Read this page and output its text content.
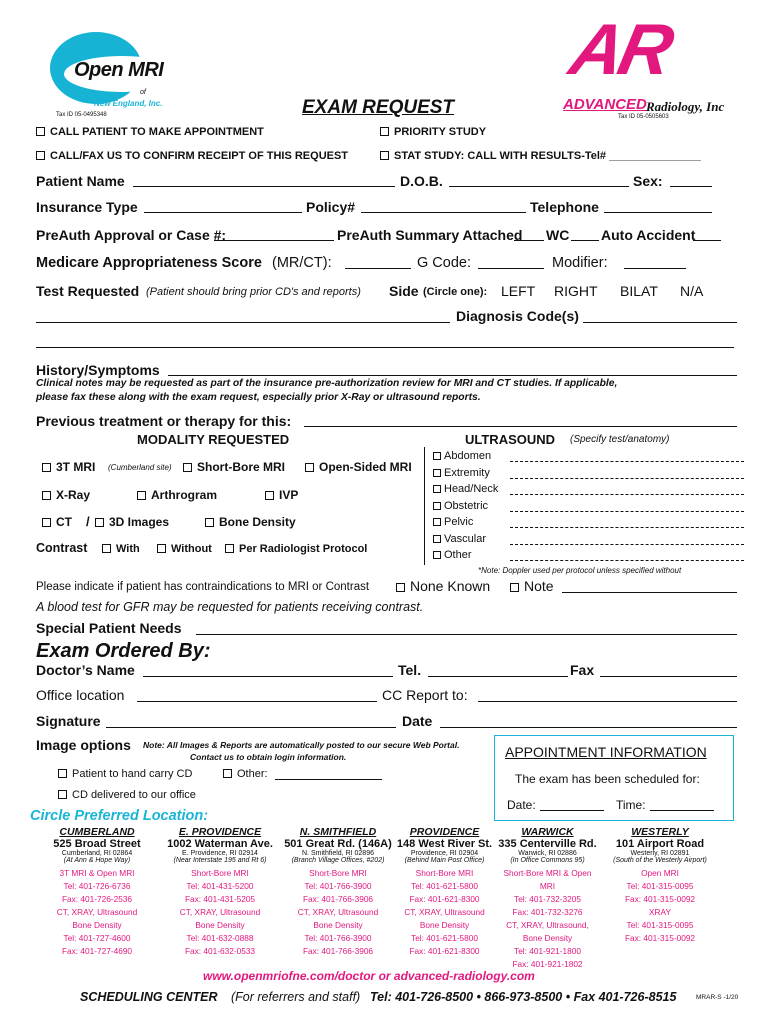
Open MRI
of
New England, Inc.
Tax ID 05-0495348
AR
ADVANCED Radiology, Inc
Tax ID 05-0505603
EXAM REQUEST
CALL PATIENT TO MAKE APPOINTMENT	PRIORITY STUDY
CALL/FAX US TO CONFIRM RECEIPT OF THIS REQUEST	STAT STUDY: CALL WITH RESULTS-Tel# _______________
Patient Name	D.O.B.	Sex:
Insurance Type	Policy#	Telephone
PreAuth Approval or Case #:	PreAuth Summary Attached WC Auto Accident
Medicare Appropriateness Score (MR/CT):	G Code:	Modifier:
Test Requested (Patient should bring prior CD's and reports) Side (Circle one): LEFT RIGHT BILAT N/A
Diagnosis Code(s)
History/Symptoms
Clinical notes may be requested as part of the insurance pre-authorization review for MRI and CT studies. If applicable,
please fax these along with the exam request, especially prior X-Ray or ultrasound reports.
Previous treatment or therapy for this:
MODALITY REQUESTED
3T MRI (Cumberland site)	Short-Bore MRI	Open-Sided MRI
X-Ray	Arthrogram	IVP
CT /	3D Images	Bone Density
Contrast	With	Without	Per Radiologist Protocol
ULTRASOUND (Specify test/anatomy)
Abdomen
Extremity
Head/Neck
Obstetric
Pelvic
Vascular
Other
*Note: Doppler used per protocol unless specified without
Please indicate if patient has contraindications to MRI or Contrast	None Known	Note
A blood test for GFR may be requested for patients receiving contrast.
Special Patient Needs
Exam Ordered By:
Doctor’s Name	Tel.	Fax
Office location	CC Report to:
Signature	Date
Image options Note: All Images & Reports are automatically posted to our secure Web Portal.
Contact us to obtain login information.
Patient to hand carry CD	Other:
CD delivered to our office
APPOINTMENT INFORMATION
The exam has been scheduled for:
Date:	Time:
Circle Preferred Location:
CUMBERLAND
525 Broad Street
Cumberland, RI 02864
(At Ann & Hope Way)
3T MRI & Open MRI
Tel: 401-726-6736
Fax: 401-726-2536
CT, XRAY, Ultrasound
Bone Density
Tel: 401-727-4600
Fax: 401-727-4690
E. PROVIDENCE
1002 Waterman Ave.
E. Providence, RI 02914
(Near Interstate 195 and Rt 6)
Short-Bore MRI
Tel: 401-431-5200
Fax: 401-431-5205
CT, XRAY, Ultrasound
Bone Density
Tel: 401-632-0888
Fax: 401-632-0533
N. SMITHFIELD
501 Great Rd. (146A)
N. Smithfield, RI 02896
(Branch Village Offices, #202)
Short-Bore MRI
Tel: 401-766-3900
Fax: 401-766-3906
CT, XRAY, Ultrasound
Bone Density
Tel: 401-766-3900
Fax: 401-766-3906
PROVIDENCE
148 West River St.
Providence, RI 02904
(Behind Main Post Office)
Short-Bore MRI
Tel: 401-621-5800
Fax: 401-621-8300
CT, XRAY, Ultrasound
Bone Density
Tel: 401-621-5800
Fax: 401-621-8300
WARWICK
335 Centerville Rd.
Warwick, RI 02886
(In Office Commons 95)
Short-Bore MRI & Open MRI
Tel: 401-732-3205
Fax: 401-732-3276
CT, XRAY, Ultrasound,
Bone Density
Tel: 401-921-1800
Fax: 401-921-1802
WESTERLY
101 Airport Road
Westerly, RI 02891
(South of the Westerly Airport)
Open MRI
Tel: 401-315-0095
Fax: 401-315-0092
XRAY
Tel: 401-315-0095
Fax: 401-315-0092
www.openmriofne.com/doctor or advanced-radiology.com
SCHEDULING CENTER (For referrers and staff) Tel: 401-726-8500 • 866-973-8500 • Fax 401-726-8515	MRAR-S -1/20
